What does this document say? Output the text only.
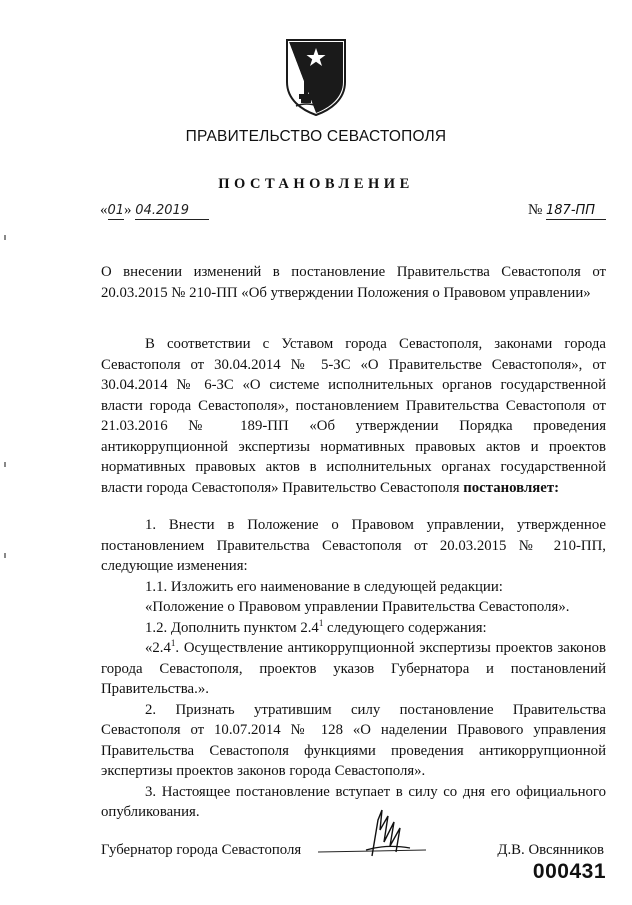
ПРАВИТЕЛЬСТВО СЕВАСТОПОЛЯ
ПОСТАНОВЛЕНИЕ
«01» 04.2019	№ 187-ПП

О внесении изменений в постановление Правительства Севастополя от 20.03.2015 № 210-ПП «Об утверждении Положения о Правовом управлении»

В соответствии с Уставом города Севастополя, законами города Севастополя от 30.04.2014 № 5-ЗС «О Правительстве Севастополя», от 30.04.2014 № 6-ЗС «О системе исполнительных органов государственной власти города Севастополя», постановлением Правительства Севастополя от 21.03.2016 № 189-ПП «Об утверждении Порядка проведения антикоррупционной экспертизы нормативных правовых актов и проектов нормативных правовых актов в исполнительных органах государственной власти города Севастополя» Правительство Севастополя постановляет:

1. Внести в Положение о Правовом управлении, утвержденное постановлением Правительства Севастополя от 20.03.2015 № 210-ПП, следующие изменения:

1.1. Изложить его наименование в следующей редакции:

«Положение о Правовом управлении Правительства Севастополя».

1.2. Дополнить пунктом $2.4^1$ следующего содержания:

«$2.4^1$. Осуществление антикоррупционной экспертизы проектов законов города Севастополя, проектов указов Губернатора и постановлений Правительства.».

2. Признать утратившим силу постановление Правительства Севастополя от 10.07.2014 № 128 «О наделении Правового управления Правительства Севастополя функциями проведения антикоррупционной экспертизы проектов законов города Севастополя».

3. Настоящее постановление вступает в силу со дня его официального опубликования.

Губернатор города Севастополя	Д.В. Овсянников
000431
